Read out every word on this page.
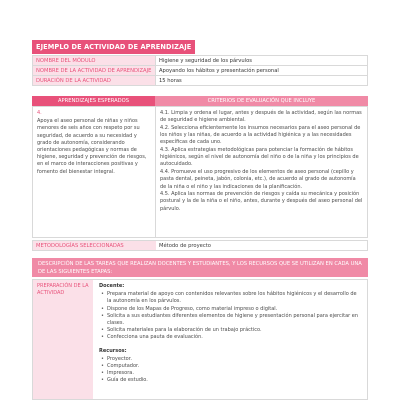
EJEMPLO DE ACTIVIDAD DE APRENDIZAJE
NOMBRE DEL MÓDULO	Higiene y seguridad de los párvulos
NOMBRE DE LA ACTIVIDAD DE APRENDIZAJE	Apoyando los hábitos y presentación personal
DURACIÓN DE LA ACTIVIDAD	15 horas
APRENDIZAJES ESPERADOS	CRITERIOS DE EVALUACIÓN QUE INCLUYE
4.
Apoya el aseo personal de niñas y niños menores de seis años con respeto por su seguridad, de acuerdo a su necesidad y grado de autonomía, considerando orientaciones pedagógicas y normas de higiene, seguridad y prevención de riesgos, en el marco de interacciones positivas y fomento del bienestar integral.
4.1. Limpia y ordena el lugar, antes y después de la actividad, según las normas de seguridad e higiene ambiental.
4.2. Selecciona eficientemente los insumos necesarios para el aseo personal de los niños y las niñas, de acuerdo a la actividad higiénica y a las necesidades específicas de cada uno.
4.3. Aplica estrategias metodológicas para potenciar la formación de hábitos higiénicos, según el nivel de autonomía del niño o de la niña y los principios de autocuidado.
4.4. Promueve el uso progresivo de los elementos de aseo personal (cepillo y pasta dental, peineta, jabón, colonia, etc.), de acuerdo al grado de autonomía de la niña o el niño y las indicaciones de la planificación.
4.5. Aplica las normas de prevención de riesgos y caída su mecánica y posición postural y la de la niña o el niño, antes, durante y después del aseo personal del párvulo.
METODOLOGÍAS SELECCIONADAS	Método de proyecto
DESCRIPCIÓN DE LAS TAREAS QUE REALIZAN DOCENTES Y ESTUDIANTES, Y LOS RECURSOS QUE SE UTILIZAN EN CADA UNA DE LAS SIGUIENTES ETAPAS:
PREPARACIÓN DE LA ACTIVIDAD
Docente:
• Prepara material de apoyo con contenidos relevantes sobre los hábitos higiénicos y el desarrollo de la autonomía en los párvulos.
• Dispone de los Mapas de Progreso, como material impreso o digital.
• Solicita a sus estudiantes diferentes elementos de higiene y presentación personal para ejercitar en clases.
• Solicita materiales para la elaboración de un trabajo práctico.
• Confecciona una pauta de evaluación.
Recursos:
• Proyector.
• Computador.
• Impresora.
• Guía de estudio.
